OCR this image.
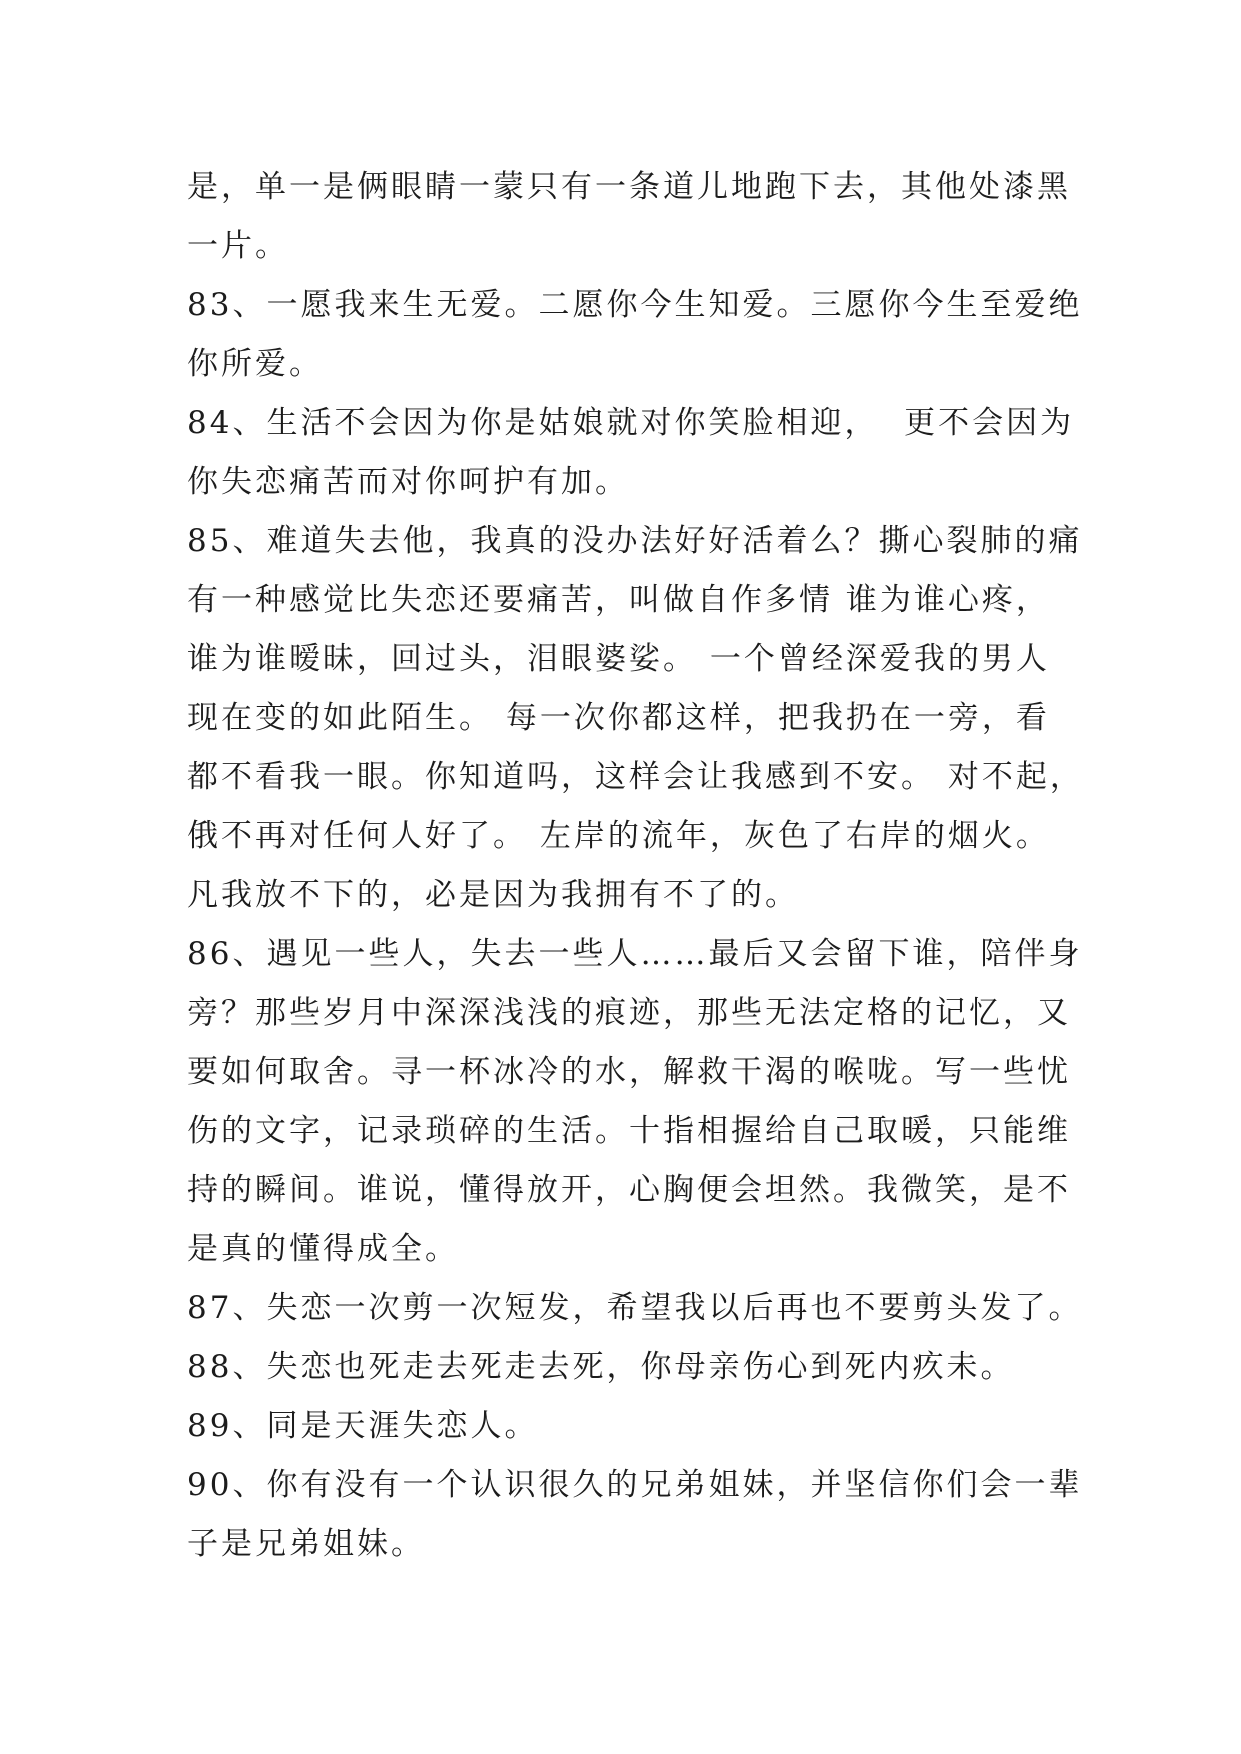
是，单一是俩眼睛一蒙只有一条道儿地跑下去，其他处漆黑
一片。
83、一愿我来生无爱。二愿你今生知爱。三愿你今生至爱绝
你所爱。
84、生活不会因为你是姑娘就对你笑脸相迎，  更不会因为
你失恋痛苦而对你呵护有加。
85、难道失去他，我真的没办法好好活着么？撕心裂肺的痛
有一种感觉比失恋还要痛苦，叫做自作多情 谁为谁心疼，
谁为谁暧昧，回过头，泪眼婆娑。 一个曾经深爱我的男人
现在变的如此陌生。 每一次你都这样，把我扔在一旁，看
都不看我一眼。你知道吗，这样会让我感到不安。 对不起，
俄不再对任何人好了。 左岸的流年，灰色了右岸的烟火。
凡我放不下的，必是因为我拥有不了的。
86、遇见一些人，失去一些人……最后又会留下谁，陪伴身
旁？那些岁月中深深浅浅的痕迹，那些无法定格的记忆，又
要如何取舍。寻一杯冰冷的水，解救干渴的喉咙。写一些忧
伤的文字，记录琐碎的生活。十指相握给自己取暖，只能维
持的瞬间。谁说，懂得放开，心胸便会坦然。我微笑，是不
是真的懂得成全。
87、失恋一次剪一次短发，希望我以后再也不要剪头发了。
88、失恋也死走去死走去死，你母亲伤心到死内疚未。
89、同是天涯失恋人。
90、你有没有一个认识很久的兄弟姐妹，并坚信你们会一辈
子是兄弟姐妹。
